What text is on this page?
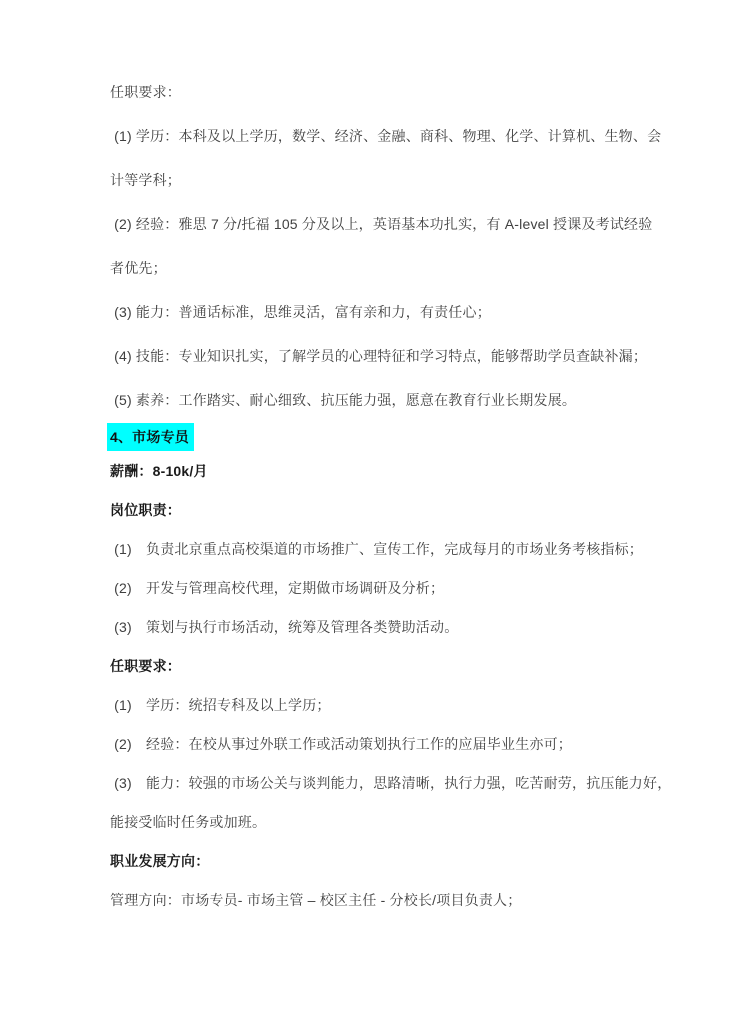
任职要求：
(1) 学历：本科及以上学历，数学、经济、金融、商科、物理、化学、计算机、生物、会
计等学科；
(2) 经验：雅思 7 分/托福 105 分及以上，英语基本功扎实，有 A-level 授课及考试经验
者优先；
(3) 能力：普通话标准，思维灵活，富有亲和力，有责任心；
(4) 技能：专业知识扎实，了解学员的心理特征和学习特点，能够帮助学员查缺补漏；
(5) 素养：工作踏实、耐心细致、抗压能力强，愿意在教育行业长期发展。
4、市场专员
薪酬：8-10k/月
岗位职责：
(1)　负责北京重点高校渠道的市场推广、宣传工作，完成每月的市场业务考核指标；
(2)　开发与管理高校代理，定期做市场调研及分析；
(3)　策划与执行市场活动，统筹及管理各类赞助活动。
任职要求：
(1)　学历：统招专科及以上学历；
(2)　经验：在校从事过外联工作或活动策划执行工作的应届毕业生亦可；
(3)　能力：较强的市场公关与谈判能力，思路清晰，执行力强，吃苦耐劳，抗压能力好，
能接受临时任务或加班。
职业发展方向：
管理方向：市场专员- 市场主管 – 校区主任 - 分校长/项目负责人；
